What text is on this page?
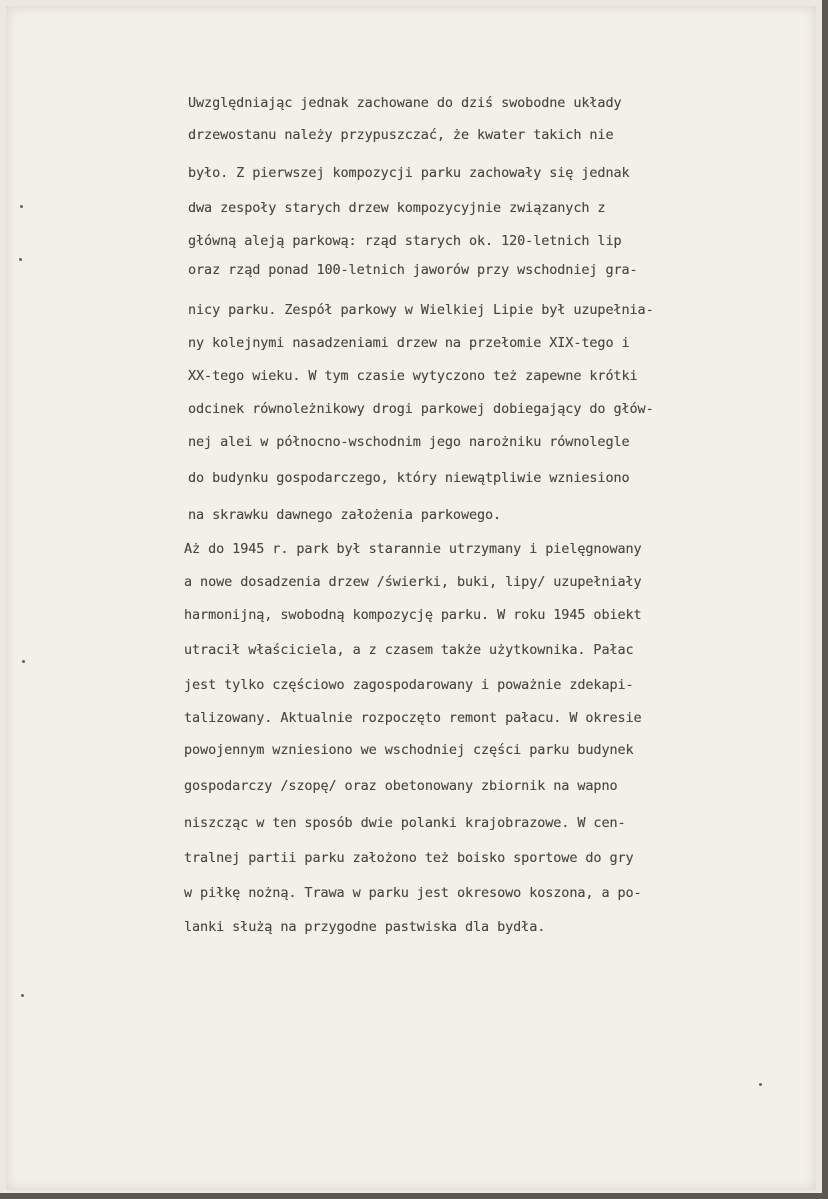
Uwzględniając jednak zachowane do dziś swobodne układy
drzewostanu należy przypuszczać, że kwater takich nie
było. Z pierwszej kompozycji parku zachowały się jednak
dwa zespoły starych drzew kompozycyjnie związanych z
główną aleją parkową: rząd starych ok. 120-letnich lip
oraz rząd ponad 100-letnich jaworów przy wschodniej gra-
nicy parku. Zespół parkowy w Wielkiej Lipie był uzupełnia-
ny kolejnymi nasadzeniami drzew na przełomie XIX-tego i
XX-tego wieku. W tym czasie wytyczono też zapewne krótki
odcinek równoleżnikowy drogi parkowej dobiegający do głów-
nej alei w północno-wschodnim jego narożniku równolegle
do budynku gospodarczego, który niewątpliwie wzniesiono
na skrawku dawnego założenia parkowego.
Aż do 1945 r. park był starannie utrzymany i pielęgnowany
a nowe dosadzenia drzew /świerki, buki, lipy/ uzupełniały
harmonijną, swobodną kompozycję parku. W roku 1945 obiekt
utracił właściciela, a z czasem także użytkownika. Pałac
jest tylko częściowo zagospodarowany i poważnie zdekapi-
talizowany. Aktualnie rozpoczęto remont pałacu. W okresie
powojennym wzniesiono we wschodniej części parku budynek
gospodarczy /szopę/ oraz obetonowany zbiornik na wapno
niszcząc w ten sposób dwie polanki krajobrazowe. W cen-
tralnej partii parku założono też boisko sportowe do gry
w piłkę nożną. Trawa w parku jest okresowo koszona, a po-
lanki służą na przygodne pastwiska dla bydła.
